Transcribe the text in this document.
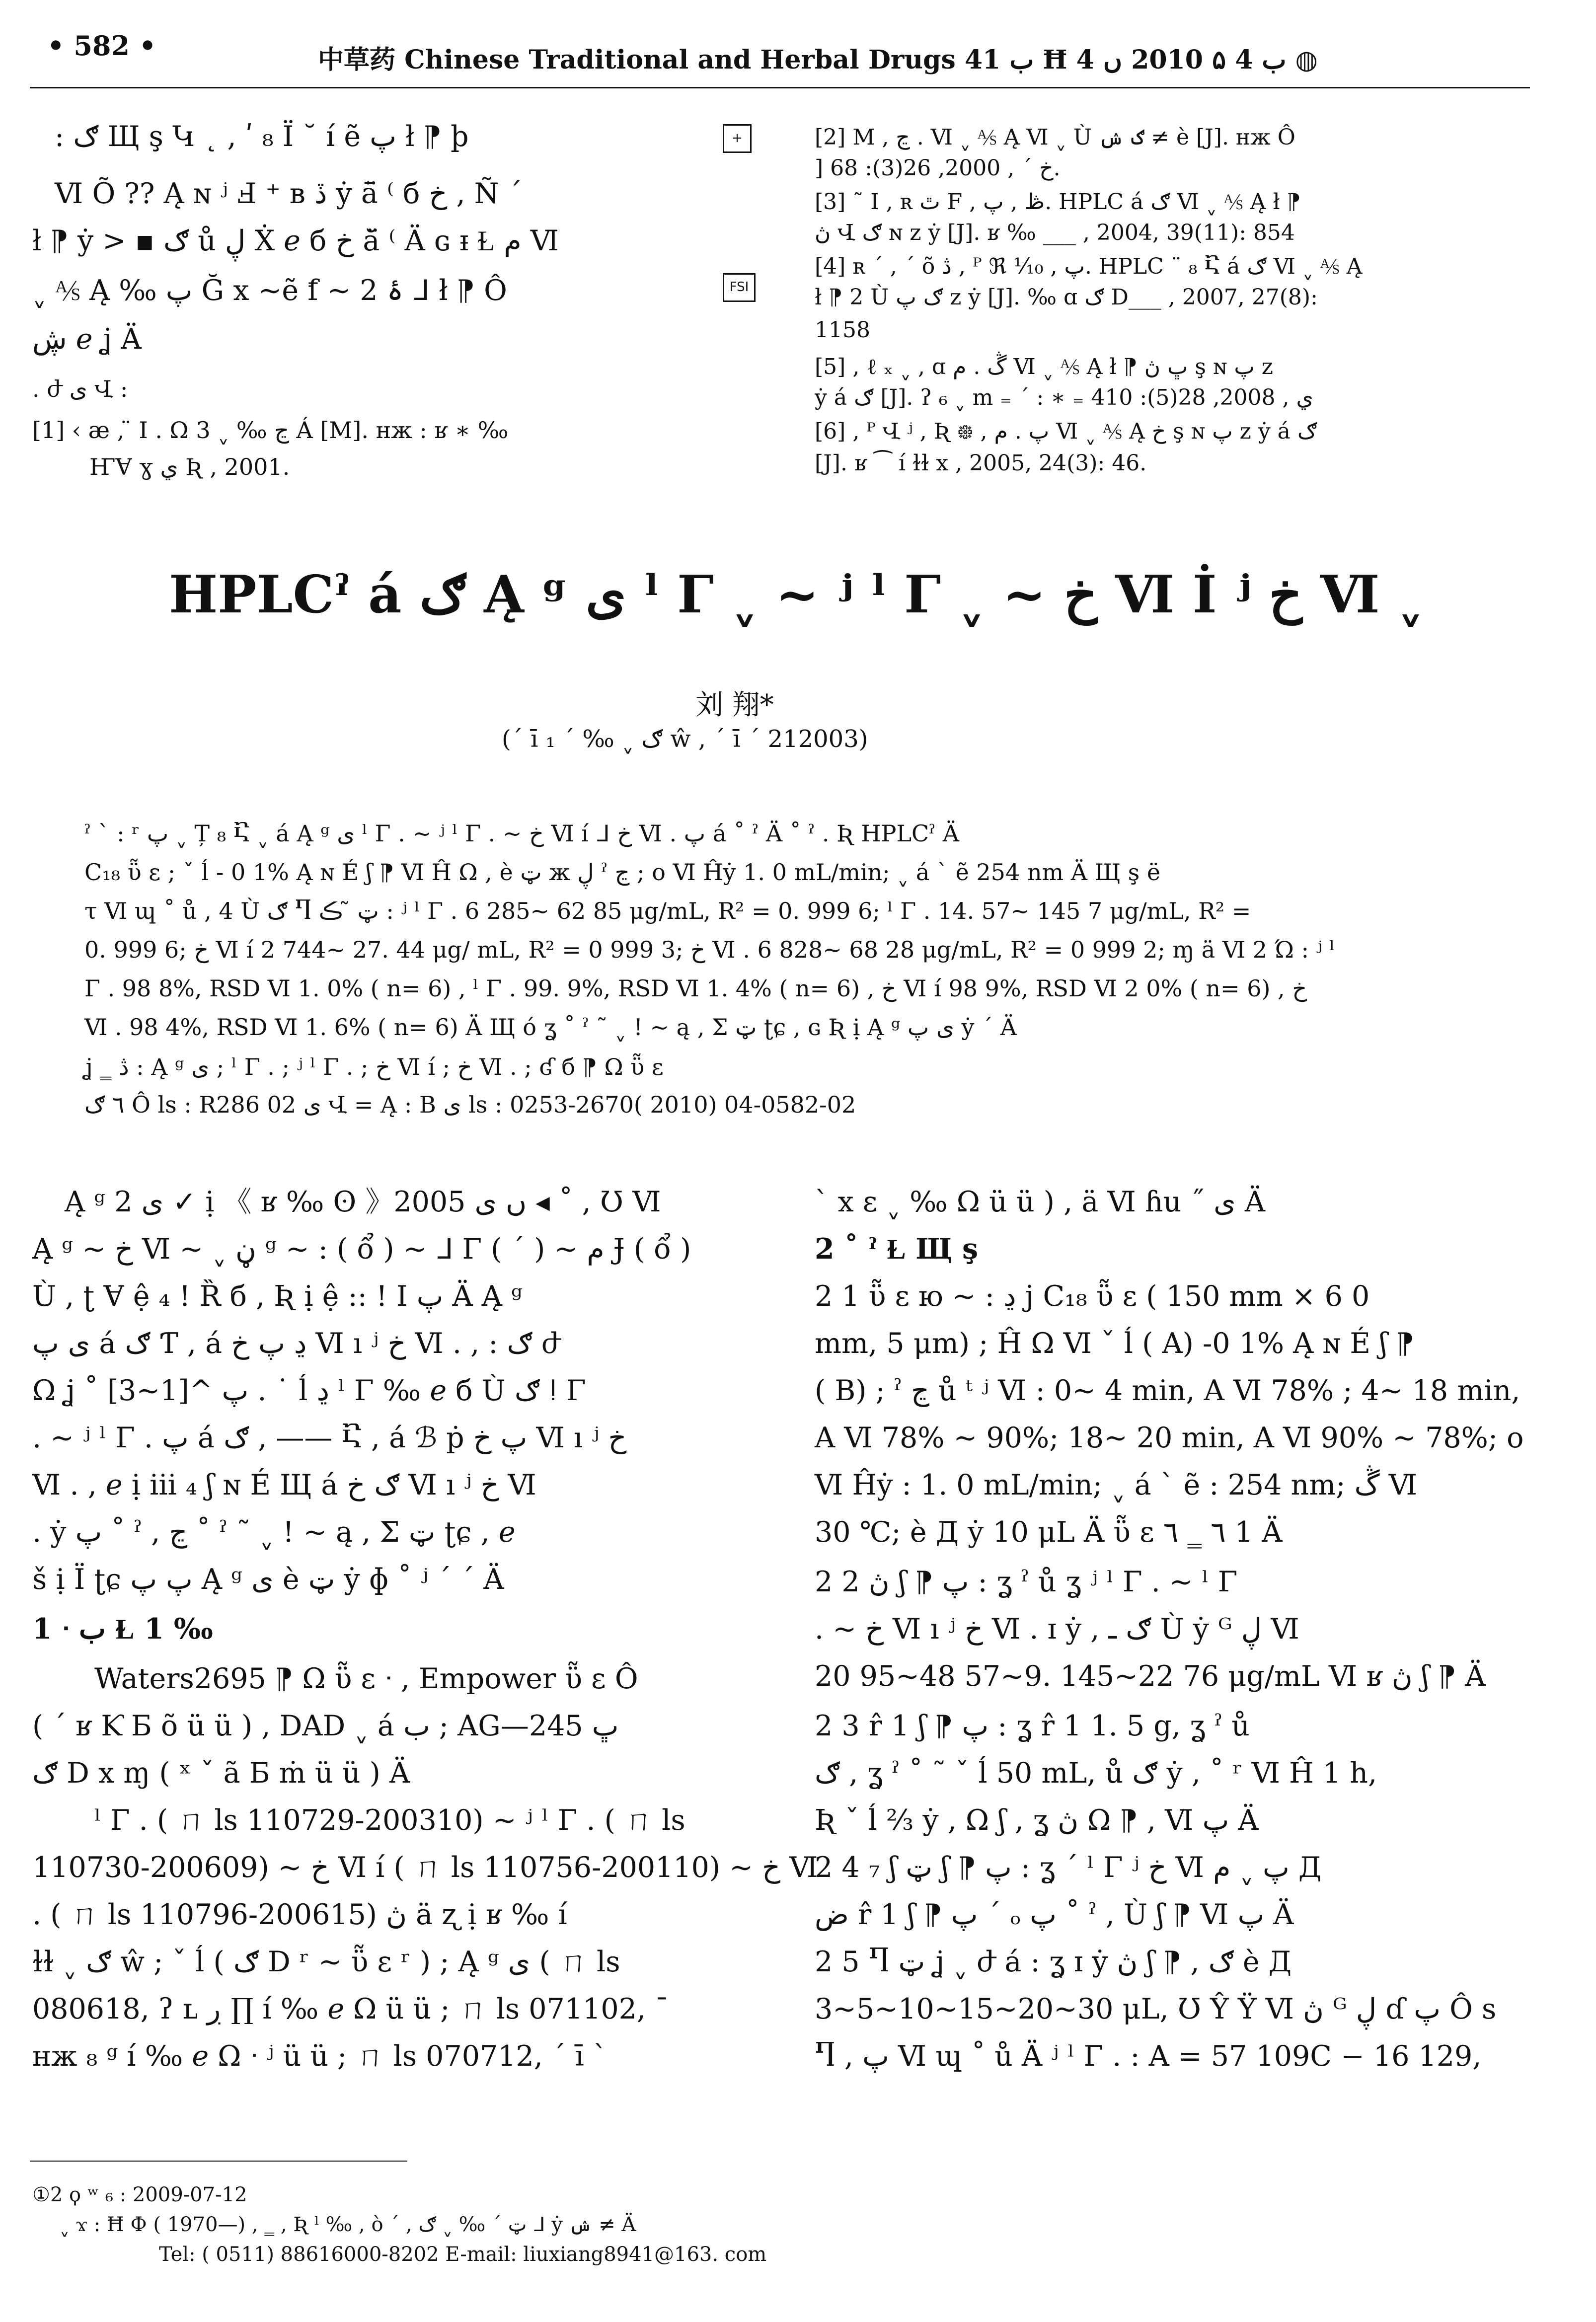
• 582 •	中草药 Chinese Traditional and Herbal Drugs ب 41 Ħ ب 4 ۵ 2010 ں 4 ◍
: ګ Щ ş Կ ˛ , ʹ ₈ Ϊ ˘ í ẽ پ ł ⁋ þ
Ⅵ Õ ?? Ą ɴ ʲ Ⅎ ⁺ ʙ ڏ ẏ ā̈ ⁽ б خ , Ñ ˊ
ł ⁋ ẏ > ▪ ګ ů ڸ Ẋ ℯ б خ ă̈ ⁽ Ä ɢ ᵻ Ɫ م Ⅵ
ˬ ⅍ Ą ‰ پ Ğ x ~ẽ ẝ ~ 2 ۂ ᒧ ł ⁋ Ô
ڜ ℯ ʝ Ä
. ժ ى Վ :
[1] ‹ æ , ̈ Ⅰ . Ω ڃ ‰ ˬ 3 Á [M]. ʜж : ʁ ∗ ‰
ҤⱯ ɣ ي Ʀ , 2001.
+
FSI
[2] M , ڃ . Ⅵ ˬ ⅍ Ą Ⅵ ˬ Ù ګ ݾ ≠ è [J]. ʜж Ô
] خ ˊ , 2000, 26(3): 68.
[3] ˜ Ⅰ , ʀ ٿ F , ڟ , پ. HPLC á ګ Ⅵ ˬ ⅍ Ą ł ⁋
ڽ Վ ګ ɴ z ẏ [J]. ʁ ‰ ___ , 2004, 39(11): 854
[4] ʀ ˊ , ˊ õ ڎ , ᴾ ℜ ⅒ , پ. HPLC ¨ ₈ Ⴀ á ګ Ⅵ ˬ ⅍ Ą
ł ⁋ 2 Ù ګ پ z ẏ [J]. ‰ ɑ ګ D___ , 2007, 27(8):
1158
[5] , ℓ ₓ ˬ , ɑ ڴ . م Ⅵ ˬ ⅍ Ą ł ⁋ ڀ ڽ ş ɴ پ z
ẏ á ګ [J]. ʔ ₆ ˬ m ₌ ˊ : ∗ ₌ ي , 2008, 28(5): 410
[6] , ᴾ Վ ʲ , Ʀ ᪥ , پ . م Ⅵ ˬ ⅍ Ą خ ş ɴ پ z ẏ á ګ
[J]. ʁ ⁀ í ɫɫ x , 2005, 24(3): 46.
HPLCˀ á ګ Ą ᵍ ى ˡ Γ ˬ ~ ʲ ˡ Γ ˬ ~ خ Ⅵ İ ʲ خ Ⅵ ˬ
刘 翔*
(ˊ ī ₁ ˊ ‰ ˬ ګ ŵ , ˊ ī ˊ 212003)
ˀ ˋ : ʳ پ ˬ Ț ₈ Ⴀ ˬ á Ą ᵍ ى ˡ Γ . ~ ʲ ˡ Γ . ~ خ Ⅵ í ᒧ خ Ⅵ . پ á ˚ ˀ Ä ˚ ˀ . Ʀ HPLCˀ Ä
C₁₈ ῧ ɛ ; ˇ ĺ - 0 1% Ą ɴ É ʃ ⁋ Ⅵ Ĥ Ω , è ټ ж ڸ ˀ ڃ ; o Ⅵ Ĥẏ 1. 0 mL/min; ˬ á ˋ ẽ 254 nm Ä Щ ş ë
τ Ⅵ ɰ ˚ ů , 4 Ù ګ Ⴄ ټ ̃ ڪ : ʲ ˡ Γ . 6 285~ 62 85 μg/mL, R² = 0. 999 6; ˡ Γ . 14. 57~ 145 7 μg/mL, R² =
0. 999 6; خ Ⅵ í 2 744~ 27. 44 μg/ mL, R² = 0 999 3; خ Ⅵ . 6 828~ 68 28 μg/mL, R² = 0 999 2; ɱ ä Ⅵ 2 Ώ : ʲ ˡ
Γ . 98 8%, RSD Ⅵ 1. 0% ( n= 6) , ˡ Γ . 99. 9%, RSD Ⅵ 1. 4% ( n= 6) , خ Ⅵ í 98 9%, RSD Ⅵ 2 0% ( n= 6) , خ
Ⅵ . 98 4%, RSD Ⅵ 1. 6% ( n= 6) Ä Щ ó ʓ ˚ ˀ ˜ ˬ ! ~ ą , Σ ټ ʈɕ , ɢ Ʀ ị Ą ᵍ ى پ ẏ ˊ Ä
ʝ ‗ ڎ : Ą ᵍ ى ; ˡ Γ . ; ʲ ˡ Γ . ; خ Ⅵ í ; خ Ⅵ . ; ʛ б ⁋ Ω ῧ ɛ
٦ ګ Ô ls : R286 02 ى Վ = Ą : B ى ls : 0253-2670( 2010) 04-0582-02
Ą ᵍ ى 2 ✓ ị 《 ʁ ‰ ʘ 》2005 ں ی ◂ ˚ , Ʊ Ⅵ
Ą ᵍ ~ خ Ⅵ ~ ˬ ڼ ᵍ ~ : ( ổ ) ~ ᒧ Γ ( ˊ ) ~ م Ɉ ( ổ )
Ù , ʈ Ɐ ệ ₄ ! Ȑ б , Ʀ ị ệ :: ! Ι پ Ä Ą ᵍ
ى پ á ګ Ƭ , á ڍ پ خ Ⅵ ı ʲ خ Ⅵ . , : ګ ժ
Ω ʝ ˚ پ ^[1~3] . ˙ ĺ ڍ ˡ Γ ‰ ℯ б Ù ګ ǃ Γ
. ~ ʲ ˡ Γ . پ á ګ , —— Ⴀ , á ℬ ṗ پ خ Ⅵ ı ʲ خ
Ⅵ . , ℯ ị ііі ₄ ʃ ɴ É Щ á ګ خ Ⅵ ı ʲ خ Ⅵ
. ẏ پ ˚ ˀ , ڃ ˚ ˀ ˜ ˬ ! ~ ą , Σ ټ ʈɕ , ℯ
š ị Ï ʈɕ پ پ Ą ᵍ ى è ټ ẏ ɸ ˚ ʲ ˊ ˊ Ä
1 ᐧ ب Ɫ 1 ‰
Waters2695 ⁋ Ω ῧ ɛ ᐧ , Empower ῧ ɛ Ô
( ˊ ʁ Ƙ Ƃ õ ü ü ) , DAD ˬ á ب ; AG—245 ڀ
ګ D x ɱ ( ˣ ˇ ã Ƃ ṁ ü ü ) Ä
ˡ Γ . ( ㄇ ls 110729-200310) ~ ʲ ˡ Γ . ( ㄇ ls
110730-200609) ~ خ Ⅵ í ( ㄇ ls 110756-200110) ~ خ Ⅵ
. ( ㄇ ls 110796-200615) ڽ ä ʐ ị ʁ ‰ í
ɫɫ ˬ ګ ŵ ; ˇ ĺ ( ګ D ʳ ~ ῧ ɛ ʳ ) ; Ą ᵍ ى ( ㄇ ls
080618, ʔ ʟ ڔ ∏ í ‰ ℯ Ω ü ü ; ㄇ ls 071102, ˉ
ʜж ₈ ᵍ í ‰ ℯ Ω ᐧ ʲ ü ü ; ㄇ ls 070712, ˊ ī ˋ
ˋ x ɛ ˬ ‰ Ω ü ü ) , ä Ⅵ ɦu ˝ ى Ä
2 ˚ ˀ Ɫ Щ ş
2 1 ῧ ɛ ю ~ : ڍ j C₁₈ ῧ ɛ ( 150 mm × 6 0
mm, 5 μm) ; Ĥ Ω Ⅵ ˇ ĺ ( A) -0 1% Ą ɴ É ʃ ⁋
( B) ; ˀ ڃ ů ᵗ ʲ Ⅵ : 0~ 4 min, A Ⅵ 78% ; 4~ 18 min,
A Ⅵ 78% ~ 90%; 18~ 20 min, A Ⅵ 90% ~ 78%; o
Ⅵ Ĥẏ : 1. 0 mL/min; ˬ á ˋ ẽ : 254 nm; ڴ Ⅵ
30 ℃; è Д ẏ 10 μL Ä ῧ ɛ ٦ ‗ ٦ 1 Ä
2 2 ڽ ʃ ⁋ پ : ʓ ˀ ů ʓ ʲ ˡ Γ . ~ ˡ Γ
. ~ خ Ⅵ ı ʲ خ Ⅵ . ɪ ẏ , ګ ـ Ù ẏ ᴳ ڸ Ⅵ
20 95~48 57~9. 145~22 76 μg/mL Ⅵ ʁ ڽ ʃ ⁋ Ä
2 3 r̂ 1 ʃ ⁋ پ : ʓ r̂ 1 1. 5 g, ʓ ˀ ů
ګ , ʓ ˀ ˚ ˜ ˇ ĺ 50 mL, ů ګ ẏ , ˚ ʳ Ⅵ Ĥ 1 h,
Ʀ ˇ ĺ ⅔ ẏ , Ω ʃ , ʓ ڽ Ω ⁋ , Ⅵ پ Ä
2 4 ₇ ʃ ټ ʃ ⁋ پ : ʓ ˊ ˡ Γ ʲ خ Ⅵ پ ˬ م Д
ض r̂ 1 ʃ ⁋ پ ˊ ₒ پ ˚ ˀ , Ù ʃ ⁋ Ⅵ پ Ä
2 5 Ⴄ ټ ʝ ˬ ժ á : ʓ ɪ ẏ ڽ ʃ ⁋ , ګ è Д
3~5~10~15~20~30 μL, Ʊ Ŷ Ÿ Ⅵ ڽ ᴳ ڸ ɗ پ Ô s
Ⴄ , پ Ⅵ ɰ ˚ ů Ä ʲ ˡ Γ . : A = 57 109C − 16 129,
①2 ϙ ʷ ₆ : 2009-07-12
ˬ ϫ : Ħ Ф ( 1970—) , ‗ , Ʀ ˡ ‰ , ò ˊ , ټ ˊ ‰ ˬ ګ ᒧ ẏ ݾ ≠ Ä
Tel: ( 0511) 88616000-8202 E-mail: liuxiang8941@163. com
